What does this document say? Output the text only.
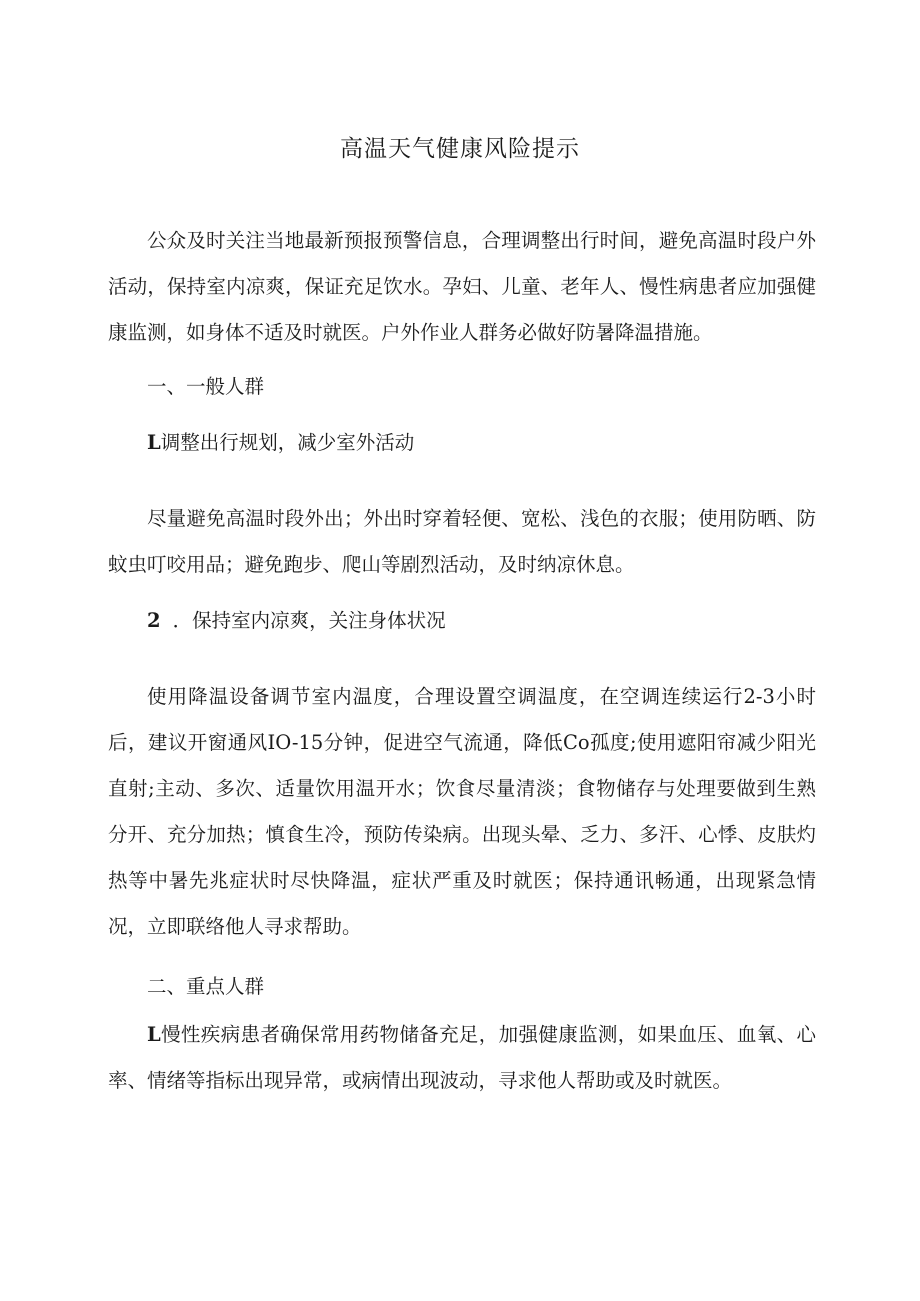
高温天气健康风险提示

公众及时关注当地最新预报预警信息，合理调整出行时间，避免高温时段户外活动，保持室内凉爽，保证充足饮水。孕妇、儿童、老年人、慢性病患者应加强健康监测，如身体不适及时就医。户外作业人群务必做好防暑降温措施。

一、一般人群

L调整出行规划，减少室外活动

尽量避免高温时段外出；外出时穿着轻便、宽松、浅色的衣服；使用防晒、防蚊虫叮咬用品；避免跑步、爬山等剧烈活动，及时纳凉休息。

2 ．保持室内凉爽，关注身体状况

使用降温设备调节室内温度，合理设置空调温度，在空调连续运行2-3小时后，建议开窗通风IO-15分钟，促进空气流通，降低Co孤度;使用遮阳帘减少阳光直射;主动、多次、适量饮用温开水；饮食尽量清淡；食物储存与处理要做到生熟分开、充分加热；慎食生冷，预防传染病。出现头晕、乏力、多汗、心悸、皮肤灼热等中暑先兆症状时尽快降温，症状严重及时就医；保持通讯畅通，出现紧急情况，立即联络他人寻求帮助。

二、重点人群

L慢性疾病患者确保常用药物储备充足，加强健康监测，如果血压、血氧、心率、情绪等指标出现异常，或病情出现波动，寻求他人帮助或及时就医。
